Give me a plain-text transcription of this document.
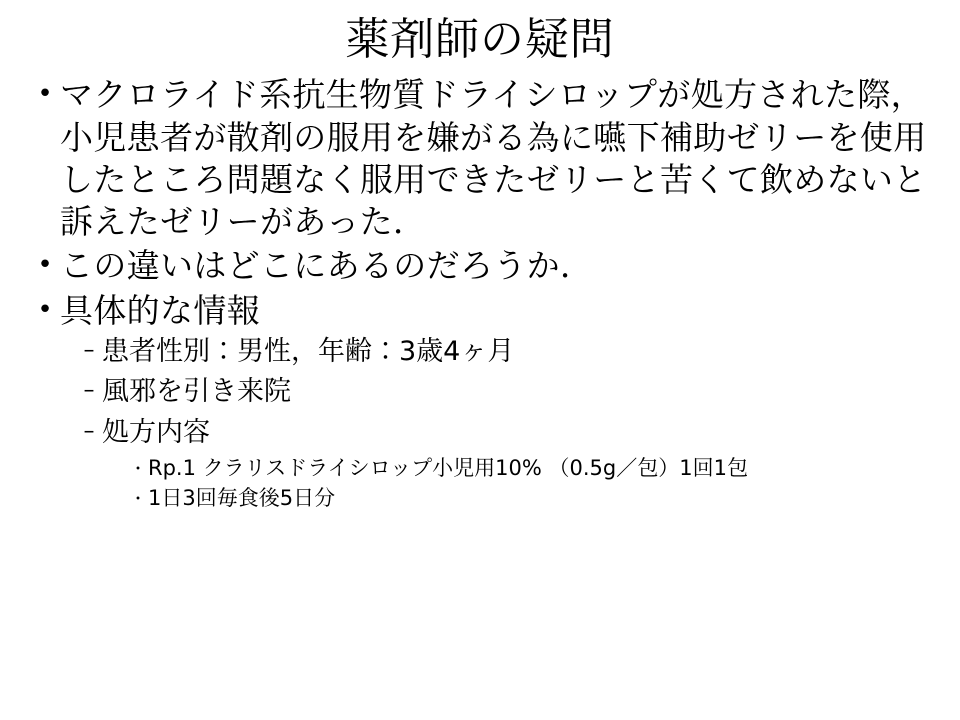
薬剤師の疑問
• マクロライド系抗生物質ドライシロップが処方された際，小児患者が散剤の服用を嫌がる為に嚥下補助ゼリーを使用したところ問題なく服用できたゼリーと苦くて飲めないと訴えたゼリーがあった．
• この違いはどこにあるのだろうか．
• 具体的な情報
– 患者性別：男性，年齢：3歳4ヶ月
– 風邪を引き来院
– 処方内容
・ Rp.1 クラリスドライシロップ小児用10% （0.5g／包）1回1包
・ 1日3回毎食後5日分
